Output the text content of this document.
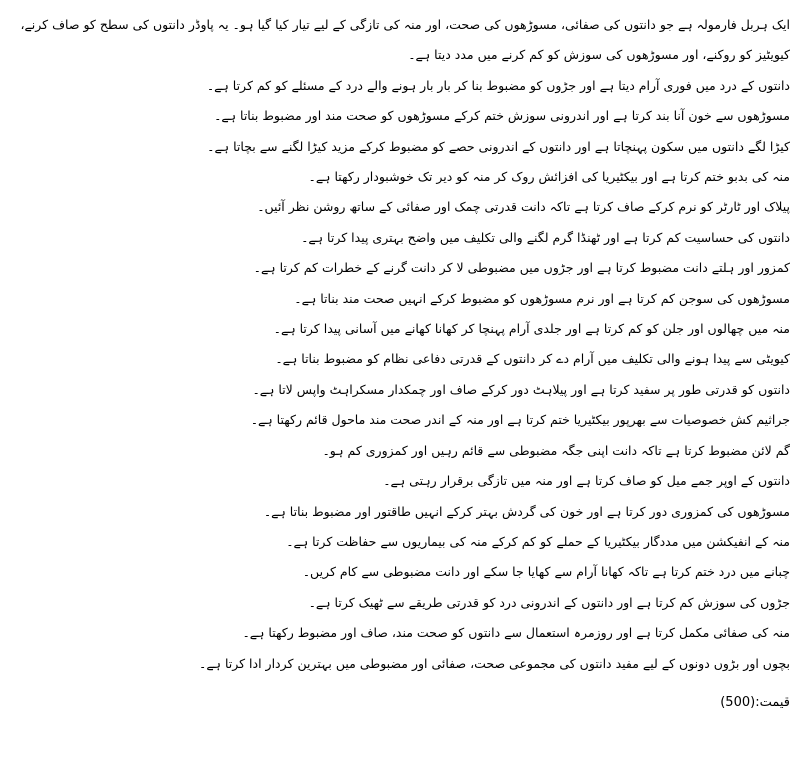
ایک ہربل فارمولہ ہے جو دانتوں کی صفائی، مسوڑھوں کی صحت، اور منہ کی تازگی کے لیے تیار کیا گیا ہو۔ یہ پاوڈر دانتوں کی سطح کو صاف کرنے، کیویٹیز کو روکنے، اور مسوڑھوں کی سوزش کو کم کرنے میں مدد دیتا ہے۔

دانتوں کے درد میں فوری آرام دیتا ہے اور جڑوں کو مضبوط بنا کر بار بار ہونے والے درد کے مسئلے کو کم کرتا ہے۔

مسوڑھوں سے خون آنا بند کرتا ہے اور اندرونی سوزش ختم کرکے مسوڑھوں کو صحت مند اور مضبوط بناتا ہے۔

کیڑا لگے دانتوں میں سکون پہنچاتا ہے اور دانتوں کے اندرونی حصے کو مضبوط کرکے مزید کیڑا لگنے سے بچاتا ہے۔

منہ کی بدبو ختم کرتا ہے اور بیکٹیریا کی افزائش روک کر منہ کو دیر تک خوشبودار رکھتا ہے۔

پیلاک اور ٹارٹر کو نرم کرکے صاف کرتا ہے تاکہ دانت قدرتی چمک اور صفائی کے ساتھ روشن نظر آئیں۔

دانتوں کی حساسیت کم کرتا ہے اور ٹھنڈا گرم لگنے والی تکلیف میں واضح بہتری پیدا کرتا ہے۔

کمزور اور ہلتے دانت مضبوط کرتا ہے اور جڑوں میں مضبوطی لا کر دانت گرنے کے خطرات کم کرتا ہے۔

مسوڑھوں کی سوجن کم کرتا ہے اور نرم مسوڑھوں کو مضبوط کرکے انہیں صحت مند بناتا ہے۔

منہ میں چھالوں اور جلن کو کم کرتا ہے اور جلدی آرام پہنچا کر کھانا کھانے میں آسانی پیدا کرتا ہے۔

کیویٹی سے پیدا ہونے والی تکلیف میں آرام دے کر دانتوں کے قدرتی دفاعی نظام کو مضبوط بناتا ہے۔

دانتوں کو قدرتی طور پر سفید کرتا ہے اور پیلاہٹ دور کرکے صاف اور چمکدار مسکراہٹ واپس لاتا ہے۔

جراثیم کش خصوصیات سے بھرپور بیکٹیریا ختم کرتا ہے اور منہ کے اندر صحت مند ماحول قائم رکھتا ہے۔

گم لائن مضبوط کرتا ہے تاکہ دانت اپنی جگہ مضبوطی سے قائم رہیں اور کمزوری کم ہو۔

دانتوں کے اوپر جمے میل کو صاف کرتا ہے اور منہ میں تازگی برقرار رہتی ہے۔

مسوڑھوں کی کمزوری دور کرتا ہے اور خون کی گردش بہتر کرکے انہیں طاقتور اور مضبوط بناتا ہے۔

منہ کے انفیکشن میں مددگار بیکٹیریا کے حملے کو کم کرکے منہ کی بیماریوں سے حفاظت کرتا ہے۔

چبانے میں درد ختم کرتا ہے تاکہ کھانا آرام سے کھایا جا سکے اور دانت مضبوطی سے کام کریں۔

جڑوں کی سوزش کم کرتا ہے اور دانتوں کے اندرونی درد کو قدرتی طریقے سے ٹھیک کرتا ہے۔

منہ کی صفائی مکمل کرتا ہے اور روزمرہ استعمال سے دانتوں کو صحت مند، صاف اور مضبوط رکھتا ہے۔

بچوں اور بڑوں دونوں کے لیے مفید دانتوں کی مجموعی صحت، صفائی اور مضبوطی میں بہترین کردار ادا کرتا ہے۔

قیمت:(500)
